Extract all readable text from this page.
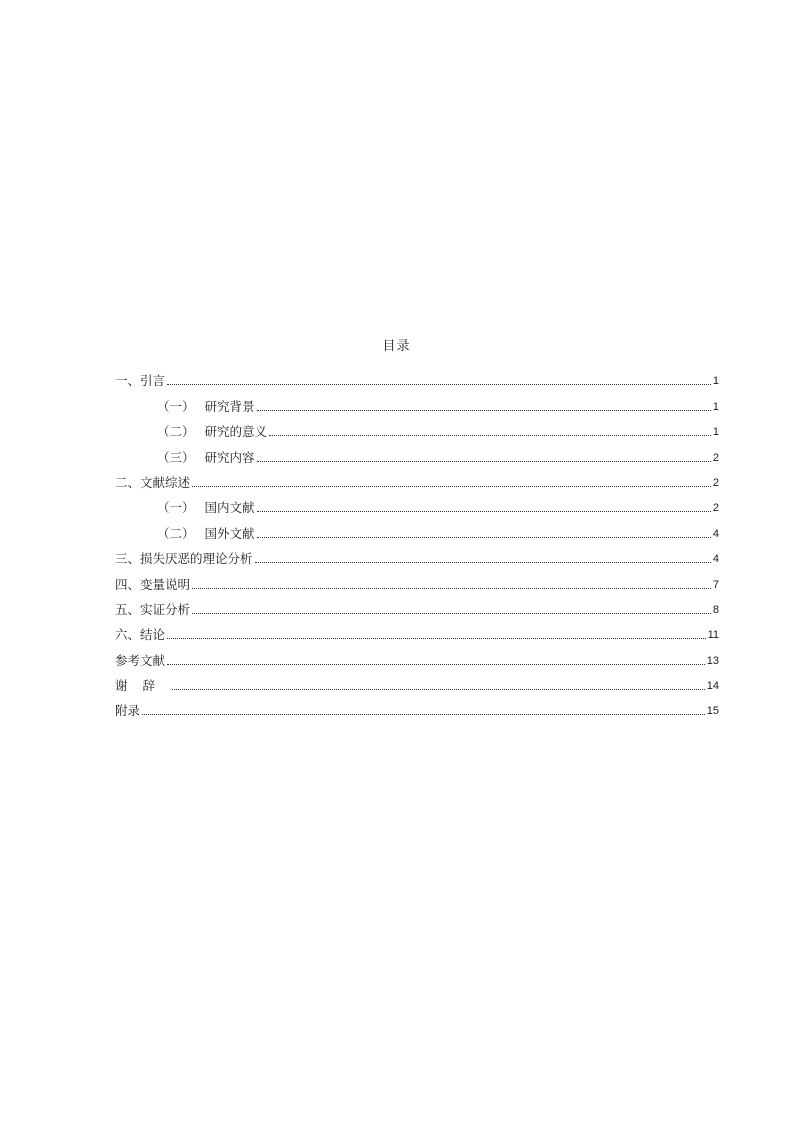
目录
一、引言	1
（一） 研究背景	1
（二） 研究的意义	1
（三） 研究内容	2
二、文献综述	2
（一） 国内文献	2
（二） 国外文献	4
三、损失厌恶的理论分析	4
四、变量说明	7
五、实证分析	8
六、结论	11
参考文献	13
谢辞	14
附录	15
